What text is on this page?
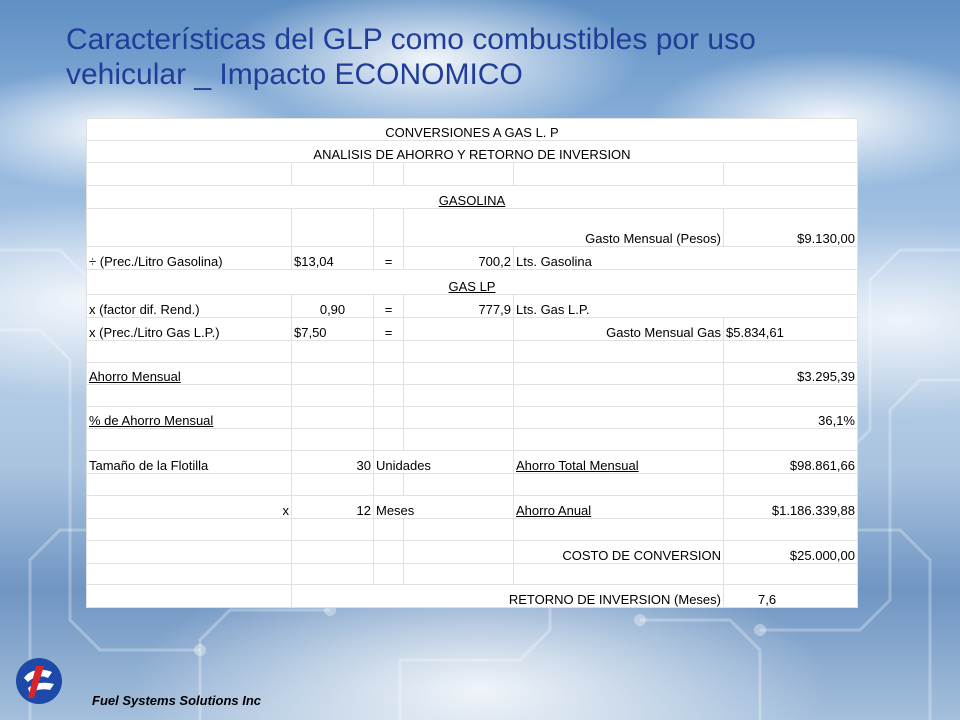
Características del GLP como combustibles por uso
vehicular _ Impacto ECONOMICO
CONVERSIONES A GAS L. P					
ANALISIS DE AHORRO Y RETORNO DE INVERSION					

GASOLINA					
			Gasto Mensual (Pesos)		$9.130,00
÷ (Prec./Litro Gasolina)	$13,04	=	700,2	Lts. Gasolina	
GAS LP					
x (factor dif. Rend.)	0,90	=	777,9	Lts. Gas L.P.	
x (Prec./Litro Gas L.P.)	$7,50	=		Gasto Mensual Gas	$5.834,61

Ahorro Mensual					$3.295,39

% de Ahorro Mensual					36,1%

Tamaño de la Flotilla	30	Unidades		Ahorro Total Mensual	$98.861,66

x	12	Meses		Ahorro Anual	$1.186.339,88

				COSTO DE CONVERSION	$25.000,00

	RETORNO DE INVERSION (Meses)				7,6
Fuel Systems Solutions Inc
